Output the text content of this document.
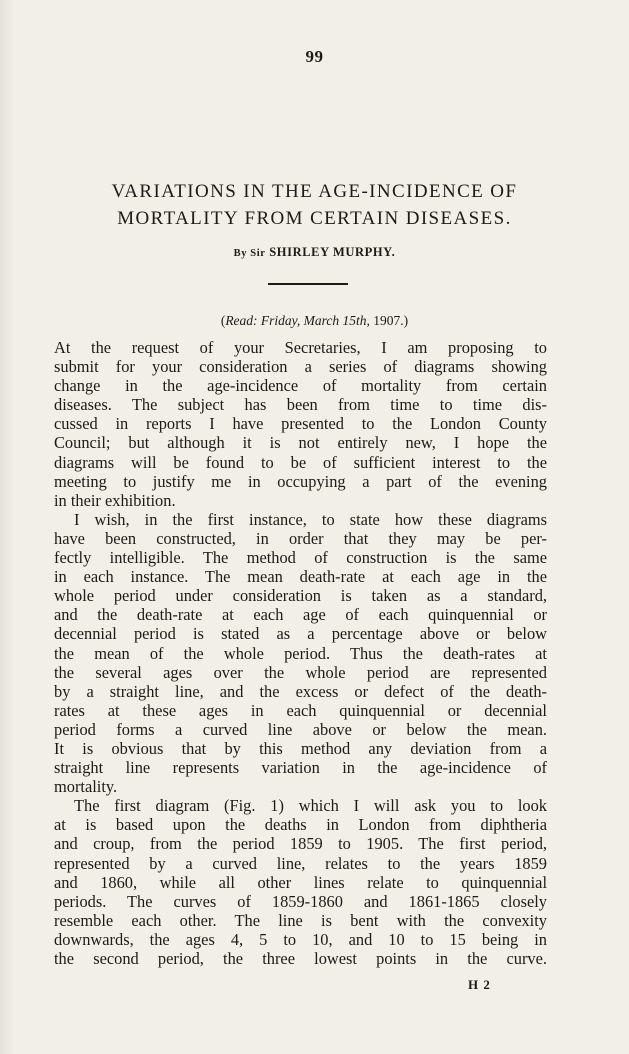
99
VARIATIONS IN THE AGE-INCIDENCE OF
MORTALITY FROM CERTAIN DISEASES.
By Sir SHIRLEY MURPHY.
(Read: Friday, March 15th, 1907.)
At the request of your Secretaries, I am proposing to
submit for your consideration a series of diagrams showing
change in the age-incidence of mortality from certain
diseases. The subject has been from time to time dis-
cussed in reports I have presented to the London County
Council; but although it is not entirely new, I hope the
diagrams will be found to be of sufficient interest to the
meeting to justify me in occupying a part of the evening
in their exhibition.
I wish, in the first instance, to state how these diagrams
have been constructed, in order that they may be per-
fectly intelligible. The method of construction is the same
in each instance. The mean death-rate at each age in the
whole period under consideration is taken as a standard,
and the death-rate at each age of each quinquennial or
decennial period is stated as a percentage above or below
the mean of the whole period. Thus the death-rates at
the several ages over the whole period are represented
by a straight line, and the excess or defect of the death-
rates at these ages in each quinquennial or decennial
period forms a curved line above or below the mean.
It is obvious that by this method any deviation from a
straight line represents variation in the age-incidence of
mortality.
The first diagram (Fig. 1) which I will ask you to look
at is based upon the deaths in London from diphtheria
and croup, from the period 1859 to 1905. The first period,
represented by a curved line, relates to the years 1859
and 1860, while all other lines relate to quinquennial
periods. The curves of 1859-1860 and 1861-1865 closely
resemble each other. The line is bent with the convexity
downwards, the ages 4, 5 to 10, and 10 to 15 being in
the second period, the three lowest points in the curve.
H 2
